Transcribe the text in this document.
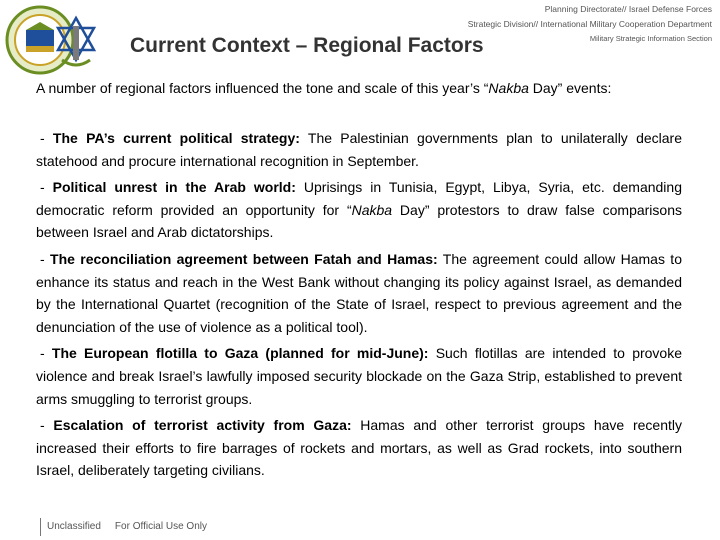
Planning Directorate// Israel Defense Forces
Strategic Division// International Military Cooperation Department
Military Strategic Information Section
Current Context – Regional Factors
A number of regional factors influenced the tone and scale of this year’s “Nakba Day” events:

- The PA’s current political strategy: The Palestinian governments plan to unilaterally declare statehood and procure international recognition in September.

- Political unrest in the Arab world: Uprisings in Tunisia, Egypt, Libya, Syria, etc. demanding democratic reform provided an opportunity for “Nakba Day” protestors to draw false comparisons between Israel and Arab dictatorships.

- The reconciliation agreement between Fatah and Hamas: The agreement could allow Hamas to enhance its status and reach in the West Bank without changing its policy against Israel, as demanded by the International Quartet (recognition of the State of Israel, respect to previous agreement and the denunciation of the use of violence as a political tool).

- The European flotilla to Gaza (planned for mid-June): Such flotillas are intended to provoke violence and break Israel’s lawfully imposed security blockade on the Gaza Strip, established to prevent arms smuggling to terrorist groups.

- Escalation of terrorist activity from Gaza: Hamas and other terrorist groups have recently increased their efforts to fire barrages of rockets and mortars, as well as Grad rockets, into southern Israel, deliberately targeting civilians.

Unclassified For Official Use Only
